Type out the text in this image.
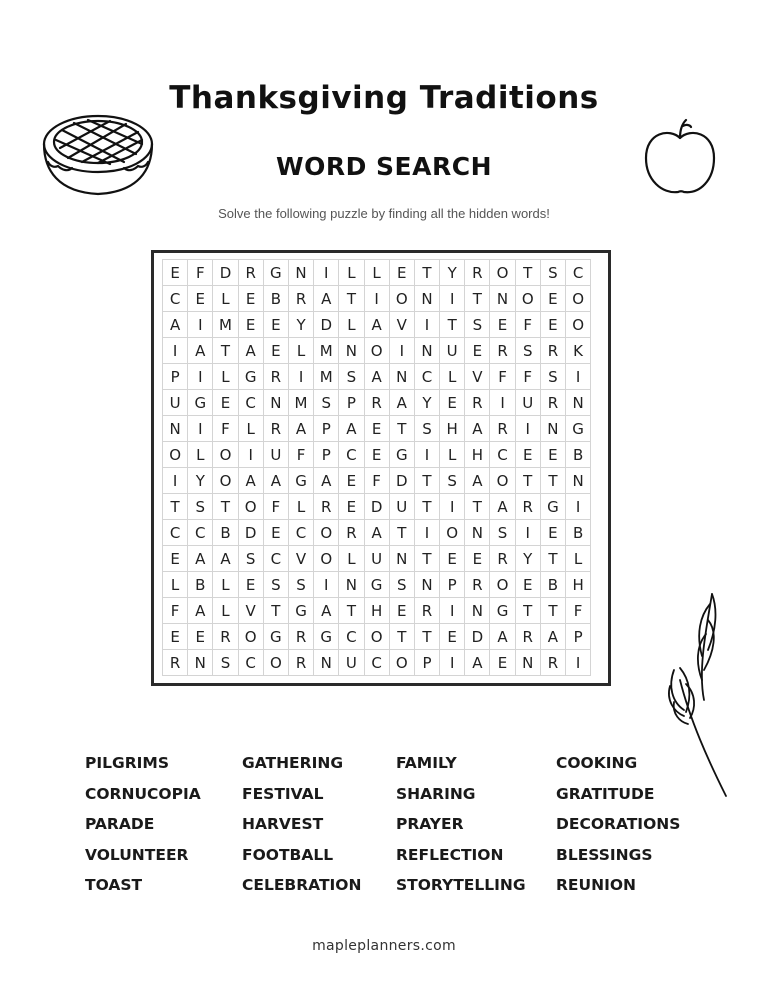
Thanksgiving Traditions
WORD SEARCH
Solve the following puzzle by finding all the hidden words!
E	F	D R G N	I	L	L	E	T	Y	R O T	S	C
C	E	L	E	B R A	T	I	O N	I	T N O E O
A	I	M E	E	Y D	L	A V	I	T	S	E	F	E O
I	A	T	A	E	L M N O	I	N U E	R	S	R	K
P	I	L	G R	I	M S	A N C	L	V	F	F	S	I
U G E	C N M S	P	R A	Y	E	R	I	U R N
N	I	F	L	R A	P	A	E	T	S H A R	I	N G
O	L	O	I	U	F	P	C	E G	I	L	H C	E	E	B
I	Y O A A G A	E	F	D T	S	A O T	T N
T	S	T O F	L	R	E D U	T	I	T	A R G	I
C C B D E	C O R A	T	I	O N S	I	E	B
E	A A	S	C V O	L	U N T	E	E	R	Y	T	L
L	B	L	E	S	S	I	N G S N	P	R O E	B H
F	A	L	V	T G A	T H E	R	I	N G T	T	F
E	E	R O G R G C O T	T	E D A R A	P
R N S	C O R N U C O P	I	A	E N R	I
PILGRIMS	GATHERING	FAMILY	COOKING
CORNUCOPIA	FESTIVAL	SHARING	GRATITUDE
PARADE	HARVEST	PRAYER	DECORATIONS
VOLUNTEER	FOOTBALL	REFLECTION	BLESSINGS
TOAST	CELEBRATION	STORYTELLING	REUNION
mapleplanners.com
